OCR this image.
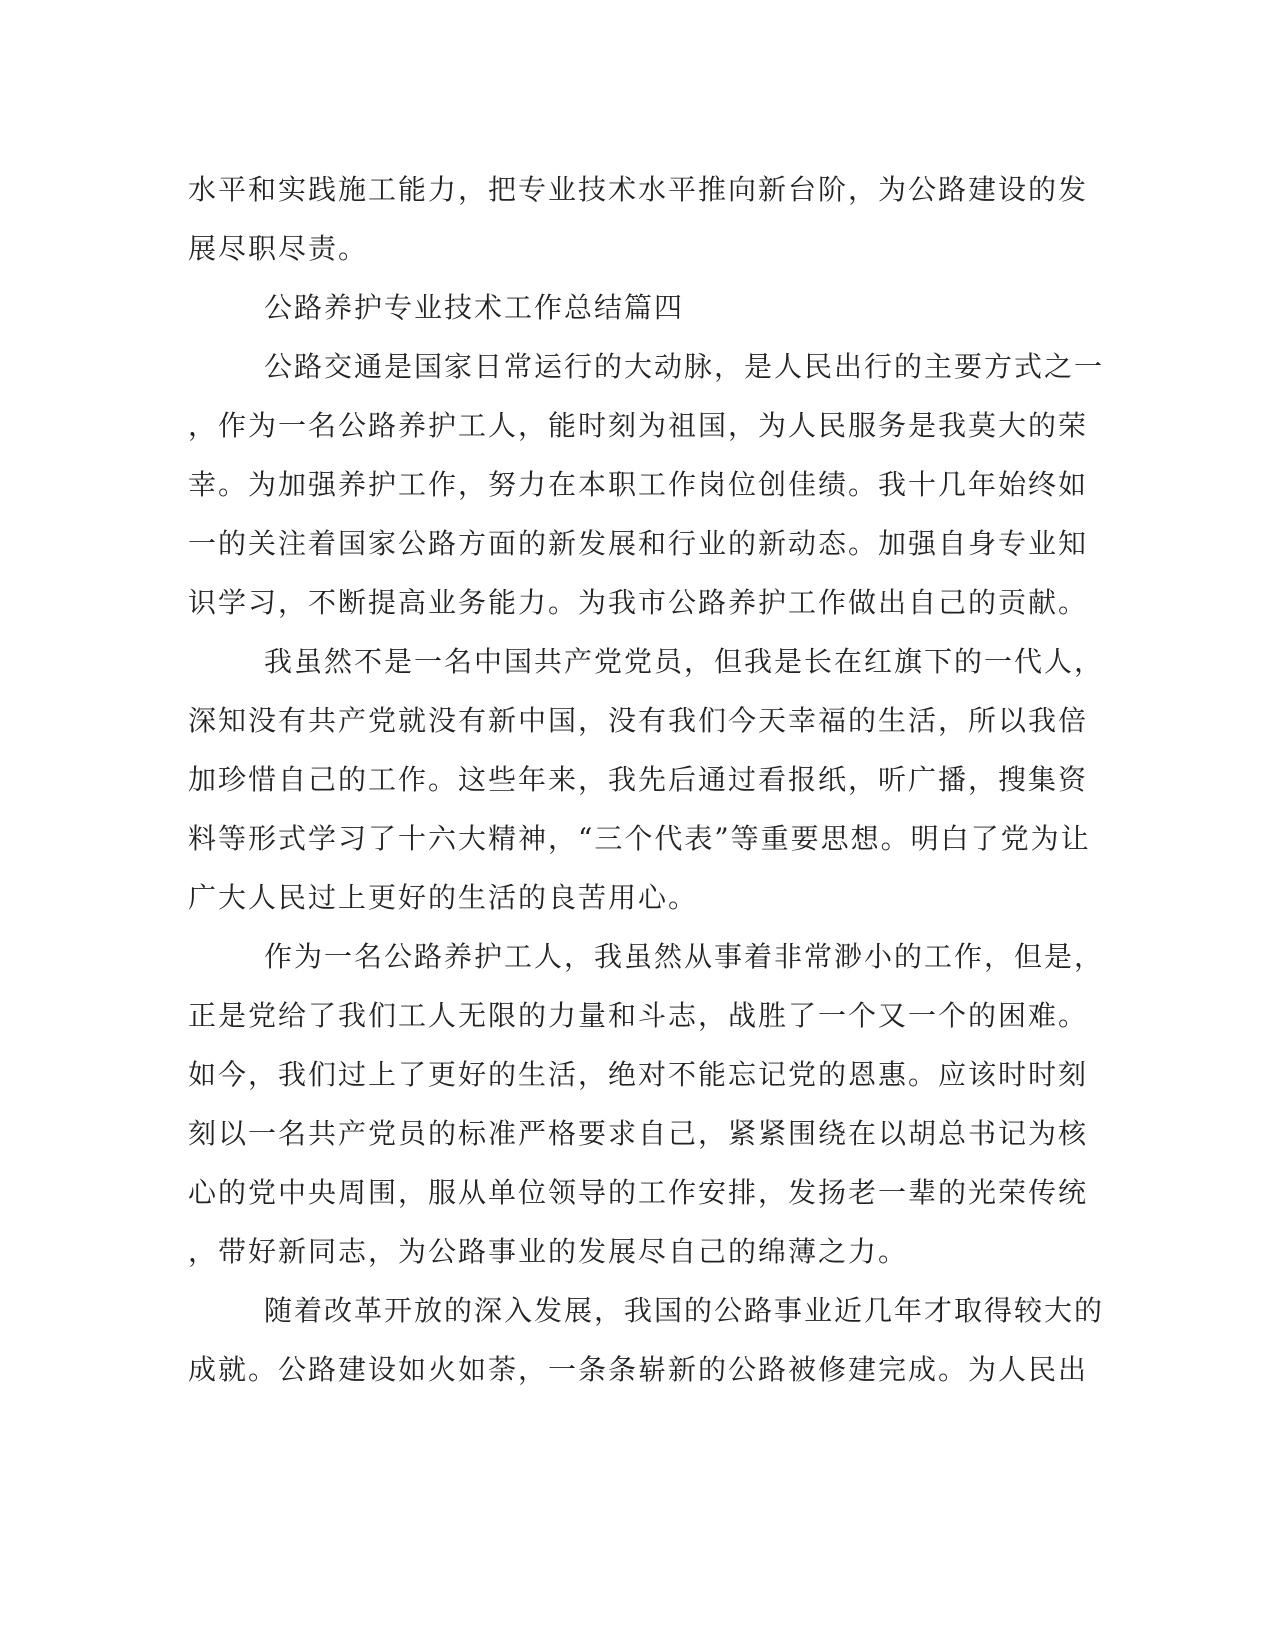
水平和实践施工能力，把专业技术水平推向新台阶，为公路建设的发
展尽职尽责。
公路养护专业技术工作总结篇四
公路交通是国家日常运行的大动脉，是人民出行的主要方式之一
，作为一名公路养护工人，能时刻为祖国，为人民服务是我莫大的荣
幸。为加强养护工作，努力在本职工作岗位创佳绩。我十几年始终如
一的关注着国家公路方面的新发展和行业的新动态。加强自身专业知
识学习，不断提高业务能力。为我市公路养护工作做出自己的贡献。
我虽然不是一名中国共产党党员，但我是长在红旗下的一代人，
深知没有共产党就没有新中国，没有我们今天幸福的生活，所以我倍
加珍惜自己的工作。这些年来，我先后通过看报纸，听广播，搜集资
料等形式学习了十六大精神，“三个代表”等重要思想。明白了党为让
广大人民过上更好的生活的良苦用心。
作为一名公路养护工人，我虽然从事着非常渺小的工作，但是，
正是党给了我们工人无限的力量和斗志，战胜了一个又一个的困难。
如今，我们过上了更好的生活，绝对不能忘记党的恩惠。应该时时刻
刻以一名共产党员的标准严格要求自己，紧紧围绕在以胡总书记为核
心的党中央周围，服从单位领导的工作安排，发扬老一辈的光荣传统
，带好新同志，为公路事业的发展尽自己的绵薄之力。
随着改革开放的深入发展，我国的公路事业近几年才取得较大的
成就。公路建设如火如荼，一条条崭新的公路被修建完成。为人民出
